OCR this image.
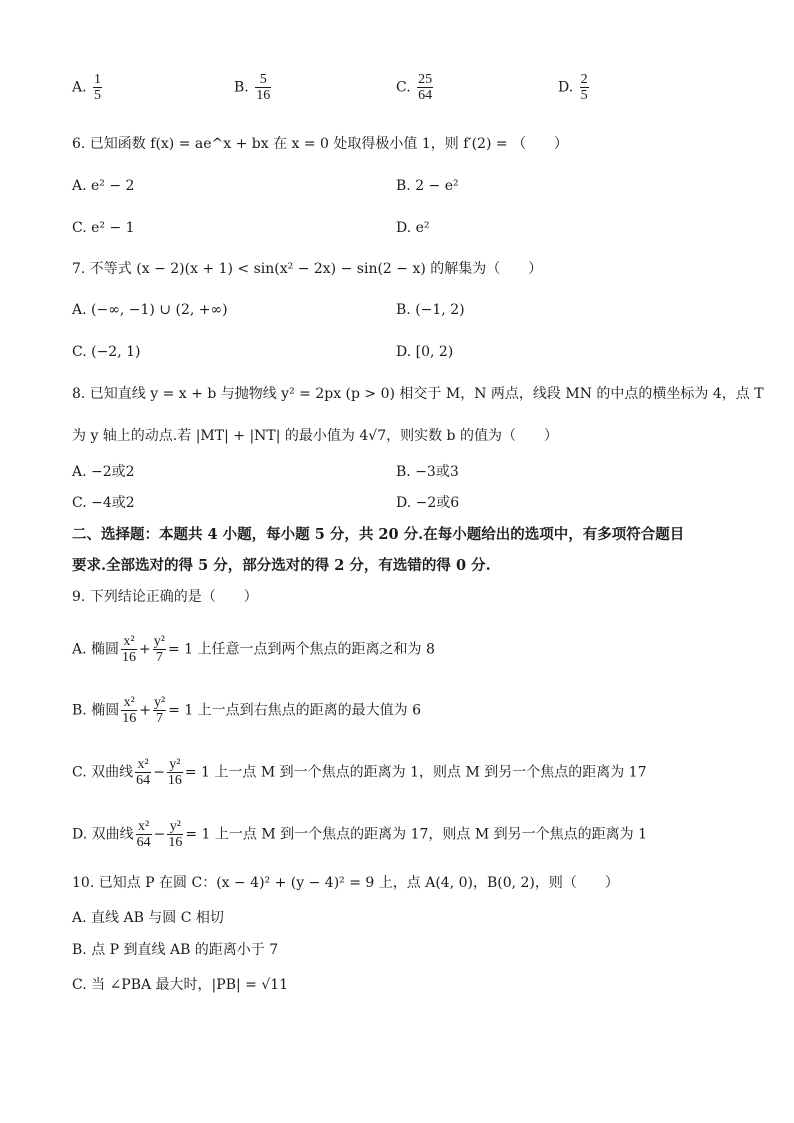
A. $\frac{1}{5}$	B. $\frac{5}{16}$	C. $\frac{25}{64}$	D. $\frac{2}{5}$
6. 已知函数 f(x) = ae^x + bx 在 x = 0 处取得极小值 1，则 f′(2) = （　　）
A. e² − 2	B. 2 − e²
C. e² − 1	D. e²
7. 不等式 (x − 2)(x + 1) < sin(x² − 2x) − sin(2 − x) 的解集为（　　）
A. (−∞, −1) ∪ (2, +∞)	B. (−1, 2)
C. (−2, 1)	D. [0, 2)
8. 已知直线 y = x + b 与抛物线 y² = 2px (p > 0) 相交于 M，N 两点，线段 MN 的中点的横坐标为 4，点 T
为 y 轴上的动点.若 |MT| + |NT| 的最小值为 4√7，则实数 b 的值为（　　）
A. −2或2	B. −3或3
C. −4或2	D. −2或6
二、选择题：本题共 4 小题，每小题 5 分，共 20 分.在每小题给出的选项中，有多项符合题目
要求.全部选对的得 5 分，部分选对的得 2 分，有选错的得 0 分.
9. 下列结论正确的是（　　）
A. 椭圆 $\frac{\text{x²}}{16} + \frac{\text{y²}}{7} = 1$ 上任意一点到两个焦点的距离之和为 8
B. 椭圆 $\frac{\text{x²}}{16} + \frac{\text{y²}}{7} = 1$ 上一点到右焦点的距离的最大值为 6
C. 双曲线 $\frac{\text{x²}}{64} - \frac{\text{y²}}{16} = 1$ 上一点 M 到一个焦点的距离为 1，则点 M 到另一个焦点的距离为 17
D. 双曲线 $\frac{\text{x²}}{64} - \frac{\text{y²}}{16} = 1$ 上一点 M 到一个焦点的距离为 17，则点 M 到另一个焦点的距离为 1
10. 已知点 P 在圆 C：(x − 4)² + (y − 4)² = 9 上，点 A(4, 0)，B(0, 2)，则（　　）
A. 直线 AB 与圆 C 相切
B. 点 P 到直线 AB 的距离小于 7
C. 当 ∠PBA 最大时，|PB| = √11
